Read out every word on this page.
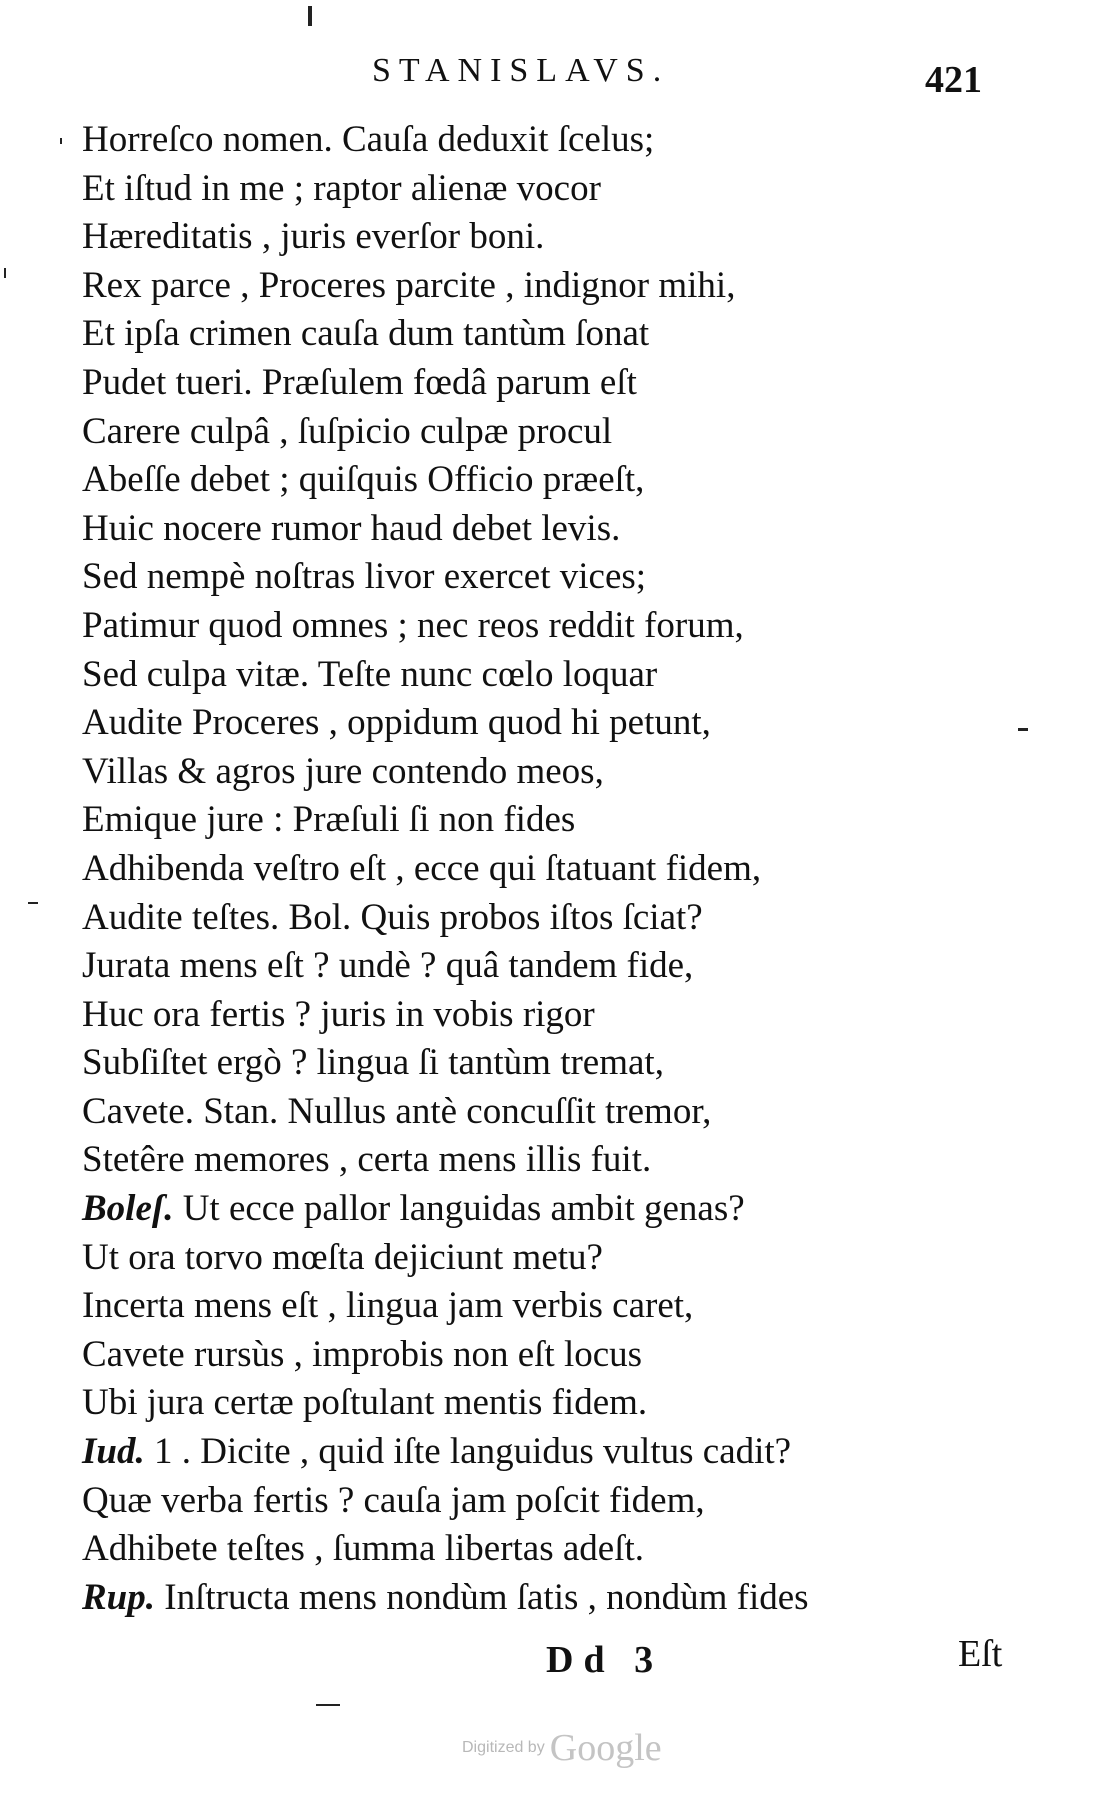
STANISLAVS.	421
Horreſco nomen. Cauſa deduxit ſcelus;
Et iſtud in me ; raptor alienæ vocor
Hæreditatis , juris everſor boni.
Rex parce , Proceres parcite , indignor mihi,
Et ipſa crimen cauſa dum tantùm ſonat
Pudet tueri. Præſulem fœdâ parum eſt
Carere culpâ , ſuſpicio culpæ procul
Abeſſe debet ; quiſquis Officio præeſt,
Huic nocere rumor haud debet levis.
Sed nempè noſtras livor exercet vices;
Patimur quod omnes ; nec reos reddit forum,
Sed culpa vitæ. Teſte nunc cœlo loquar
Audite Proceres , oppidum quod hi petunt,
Villas & agros jure contendo meos,
Emique jure : Præſuli ſi non fides
Adhibenda veſtro eſt , ecce qui ſtatuant fidem,
Audite teſtes. Bol. Quis probos iſtos ſciat?
Jurata mens eſt ? undè ? quâ tandem fide,
Huc ora fertis ? juris in vobis rigor
Subſiſtet ergò ? lingua ſi tantùm tremat,
Cavete. Stan. Nullus antè concuſſit tremor,
Stetêre memores , certa mens illis fuit.
Boleſ. Ut ecce pallor languidas ambit genas?
Ut ora torvo mœſta dejiciunt metu?
Incerta mens eſt , lingua jam verbis caret,
Cavete rursùs , improbis non eſt locus
Ubi jura certæ poſtulant mentis fidem.
Iud. 1 . Dicite , quid iſte languidus vultus cadit?
Quæ verba fertis ? cauſa jam poſcit fidem,
Adhibete teſtes , ſumma libertas adeſt.
Rup. Inſtructa mens nondùm ſatis , nondùm fides
Dd 3	Eſt
Digitized by Google
